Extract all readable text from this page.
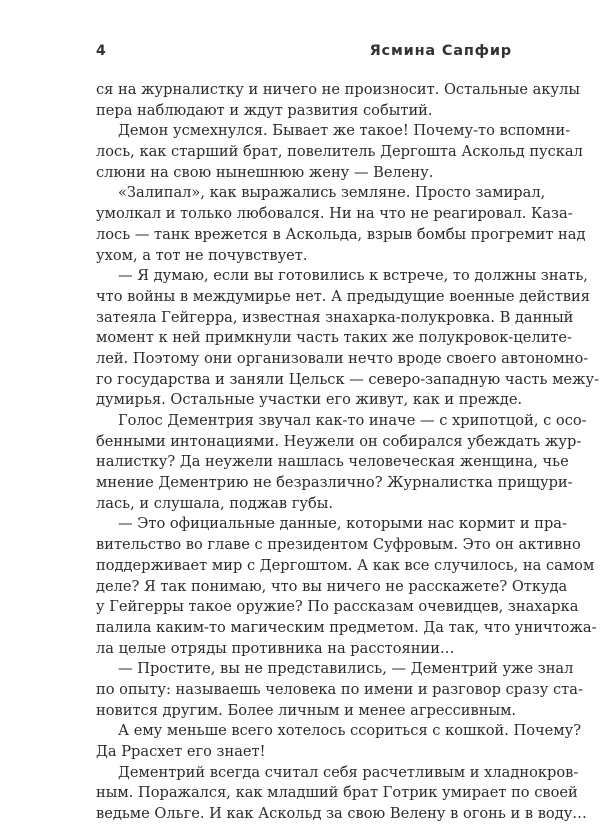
4	Ясмина Сапфир
ся на журналистку и ничего не произносит. Остальные акулы
пера наблюдают и ждут развития событий.
Демон усмехнулся. Бывает же такое! Почему-то вспомни-
лось, как старший брат, повелитель Дергошта Аскольд пускал
слюни на свою нынешнюю жену — Велену.
«Залипал», как выражались земляне. Просто замирал,
умолкал и только любовался. Ни на что не реагировал. Каза-
лось — танк врежется в Аскольда, взрыв бомбы прогремит над
ухом, а тот не почувствует.
— Я думаю, если вы готовились к встрече, то должны знать,
что войны в междумирье нет. А предыдущие военные действия
затеяла Гейгерра, известная знахарка-полукровка. В данный
момент к ней примкнули часть таких же полукровок-целите-
лей. Поэтому они организовали нечто вроде своего автономно-
го государства и заняли Цельск — северо-западную часть межу-
думирья. Остальные участки его живут, как и прежде.
Голос Дементрия звучал как-то иначе — с хрипотцой, с осо-
бенными интонациями. Неужели он собирался убеждать жур-
налистку? Да неужели нашлась человеческая женщина, чье
мнение Дементрию не безразлично? Журналистка прищури-
лась, и слушала, поджав губы.
— Это официальные данные, которыми нас кормит и пра-
вительство во главе с президентом Суфровым. Это он активно
поддерживает мир с Дергоштом. А как все случилось, на самом
деле? Я так понимаю, что вы ничего не расскажете? Откуда
у Гейгерры такое оружие? По рассказам очевидцев, знахарка
палила каким-то магическим предметом. Да так, что уничтожа-
ла целые отряды противника на расстоянии…
— Простите, вы не представились, — Дементрий уже знал
по опыту: называешь человека по имени и разговор сразу ста-
новится другим. Более личным и менее агрессивным.
А ему меньше всего хотелось ссориться с кошкой. Почему?
Да Рраcхет его знает!
Дементрий всегда считал себя расчетливым и хладнокров-
ным. Поражался, как младший брат Готрик умирает по своей
ведьме Ольге. И как Аскольд за свою Велену в огонь и в воду…
